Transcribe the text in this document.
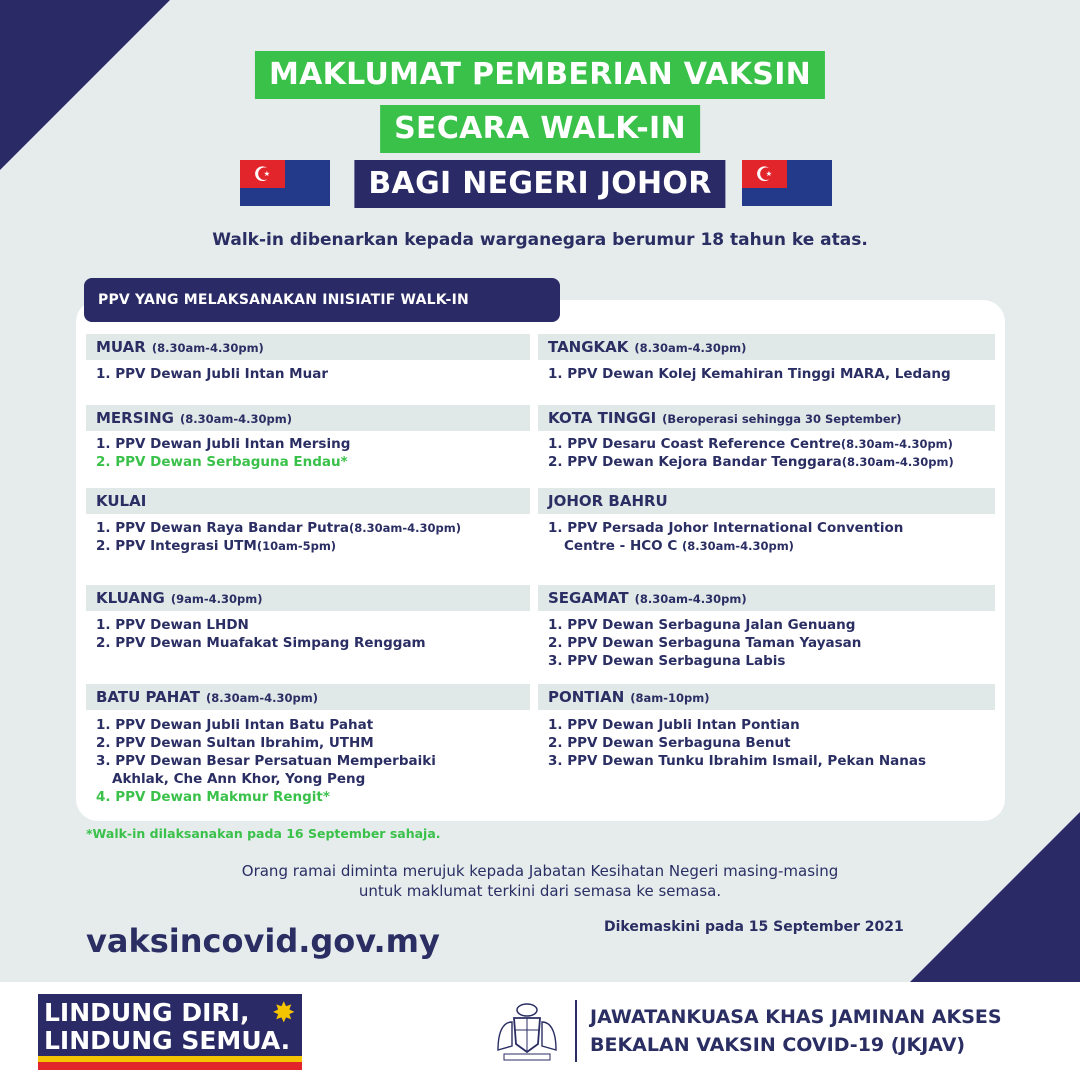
MAKLUMAT PEMBERIAN VAKSIN
SECARA WALK-IN
BAGI NEGERI JOHOR
☪	☪
Walk-in dibenarkan kepada warganegara berumur 18 tahun ke atas.
PPV YANG MELAKSANAKAN INISIATIF WALK-IN
MUAR (8.30am-4.30pm)	TANGKAK (8.30am-4.30pm)
1. PPV Dewan Jubli Intan Muar	1. PPV Dewan Kolej Kemahiran Tinggi MARA, Ledang
MERSING (8.30am-4.30pm)	KOTA TINGGI (Beroperasi sehingga 30 September)
1. PPV Dewan Jubli Intan Mersing
2. PPV Dewan Serbaguna Endau*
1. PPV Desaru Coast Reference Centre(8.30am-4.30pm)
2. PPV Dewan Kejora Bandar Tenggara(8.30am-4.30pm)
KULAI	JOHOR BAHRU
1. PPV Dewan Raya Bandar Putra(8.30am-4.30pm)
2. PPV Integrasi UTM(10am-5pm)
1. PPV Persada Johor International Convention
Centre - HCO C (8.30am-4.30pm)
KLUANG (9am-4.30pm)	SEGAMAT (8.30am-4.30pm)
1. PPV Dewan LHDN
2. PPV Dewan Muafakat Simpang Renggam
1. PPV Dewan Serbaguna Jalan Genuang
2. PPV Dewan Serbaguna Taman Yayasan
3. PPV Dewan Serbaguna Labis
BATU PAHAT (8.30am-4.30pm)	PONTIAN (8am-10pm)
1. PPV Dewan Jubli Intan Batu Pahat
2. PPV Dewan Sultan Ibrahim, UTHM
3. PPV Dewan Besar Persatuan Memperbaiki
Akhlak, Che Ann Khor, Yong Peng
4. PPV Dewan Makmur Rengit*
1. PPV Dewan Jubli Intan Pontian
2. PPV Dewan Serbaguna Benut
3. PPV Dewan Tunku Ibrahim Ismail, Pekan Nanas
*Walk-in dilaksanakan pada 16 September sahaja.
Orang ramai diminta merujuk kepada Jabatan Kesihatan Negeri masing-masing
untuk maklumat terkini dari semasa ke semasa.
Dikemaskini pada 15 September 2021
vaksincovid.gov.my
LINDUNG DIRI,
LINDUNG SEMUA.
✸	JAWATANKUASA KHAS JAMINAN AKSES
BEKALAN VAKSIN COVID-19 (JKJAV)
